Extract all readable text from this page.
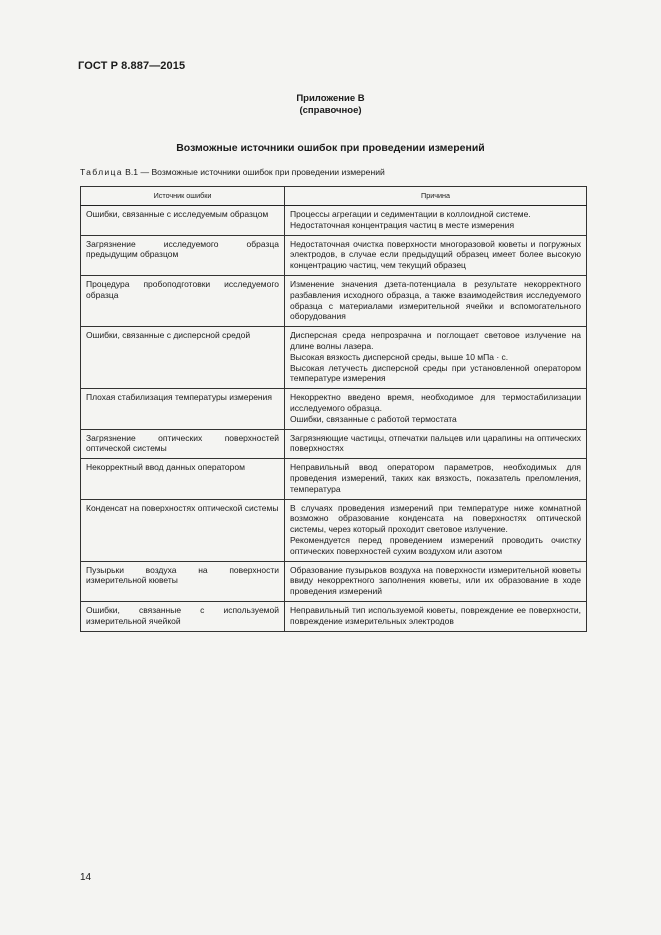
ГОСТ Р 8.887—2015
Приложение В
(справочное)
Возможные источники ошибок при проведении измерений
Таблица В.1 — Возможные источники ошибок при проведении измерений
Источник ошибки	Причина
Ошибки, связанные с исследуемым образцом	Процессы агрегации и седиментации в коллоидной системе.
Недостаточная концентрация частиц в месте измерения

Загрязнение исследуемого образца предыдущим образцом	Недостаточная очистка поверхности многоразовой кюветы и погружных электродов, в случае если предыдущий образец имеет более высокую концентрацию частиц, чем текущий образец

Процедура пробоподготовки исследуемого образца	Изменение значения дзета-потенциала в результате некорректного разбавления исходного образца, а также взаимодействия исследуемого образца с материалами измерительной ячейки и вспомогательного оборудования

Ошибки, связанные с дисперсной средой	Дисперсная среда непрозрачна и поглощает световое излучение на длине волны лазера.
Высокая вязкость дисперсной среды, выше 10 мПа · с.
Высокая летучесть дисперсной среды при установленной оператором температуре измерения

Плохая стабилизация температуры измерения	Некорректно введено время, необходимое для термостабилизации исследуемого образца.
Ошибки, связанные с работой термостата

Загрязнение оптических поверхностей оптической системы	Загрязняющие частицы, отпечатки пальцев или царапины на оптических поверхностях

Некорректный ввод данных оператором	Неправильный ввод оператором параметров, необходимых для проведения измерений, таких как вязкость, показатель преломления, температура

Конденсат на поверхностях оптической системы	В случаях проведения измерений при температуре ниже комнатной возможно образование конденсата на поверхностях оптической системы, через который проходит световое излучение.
Рекомендуется перед проведением измерений проводить очистку оптических поверхностей сухим воздухом или азотом

Пузырьки воздуха на поверхности измерительной кюветы	Образование пузырьков воздуха на поверхности измерительной кюветы ввиду некорректного заполнения кюветы, или их образование в ходе проведения измерений

Ошибки, связанные с используемой измерительной ячейкой	Неправильный тип используемой кюветы, повреждение ее поверхности, повреждение измерительных электродов
14
